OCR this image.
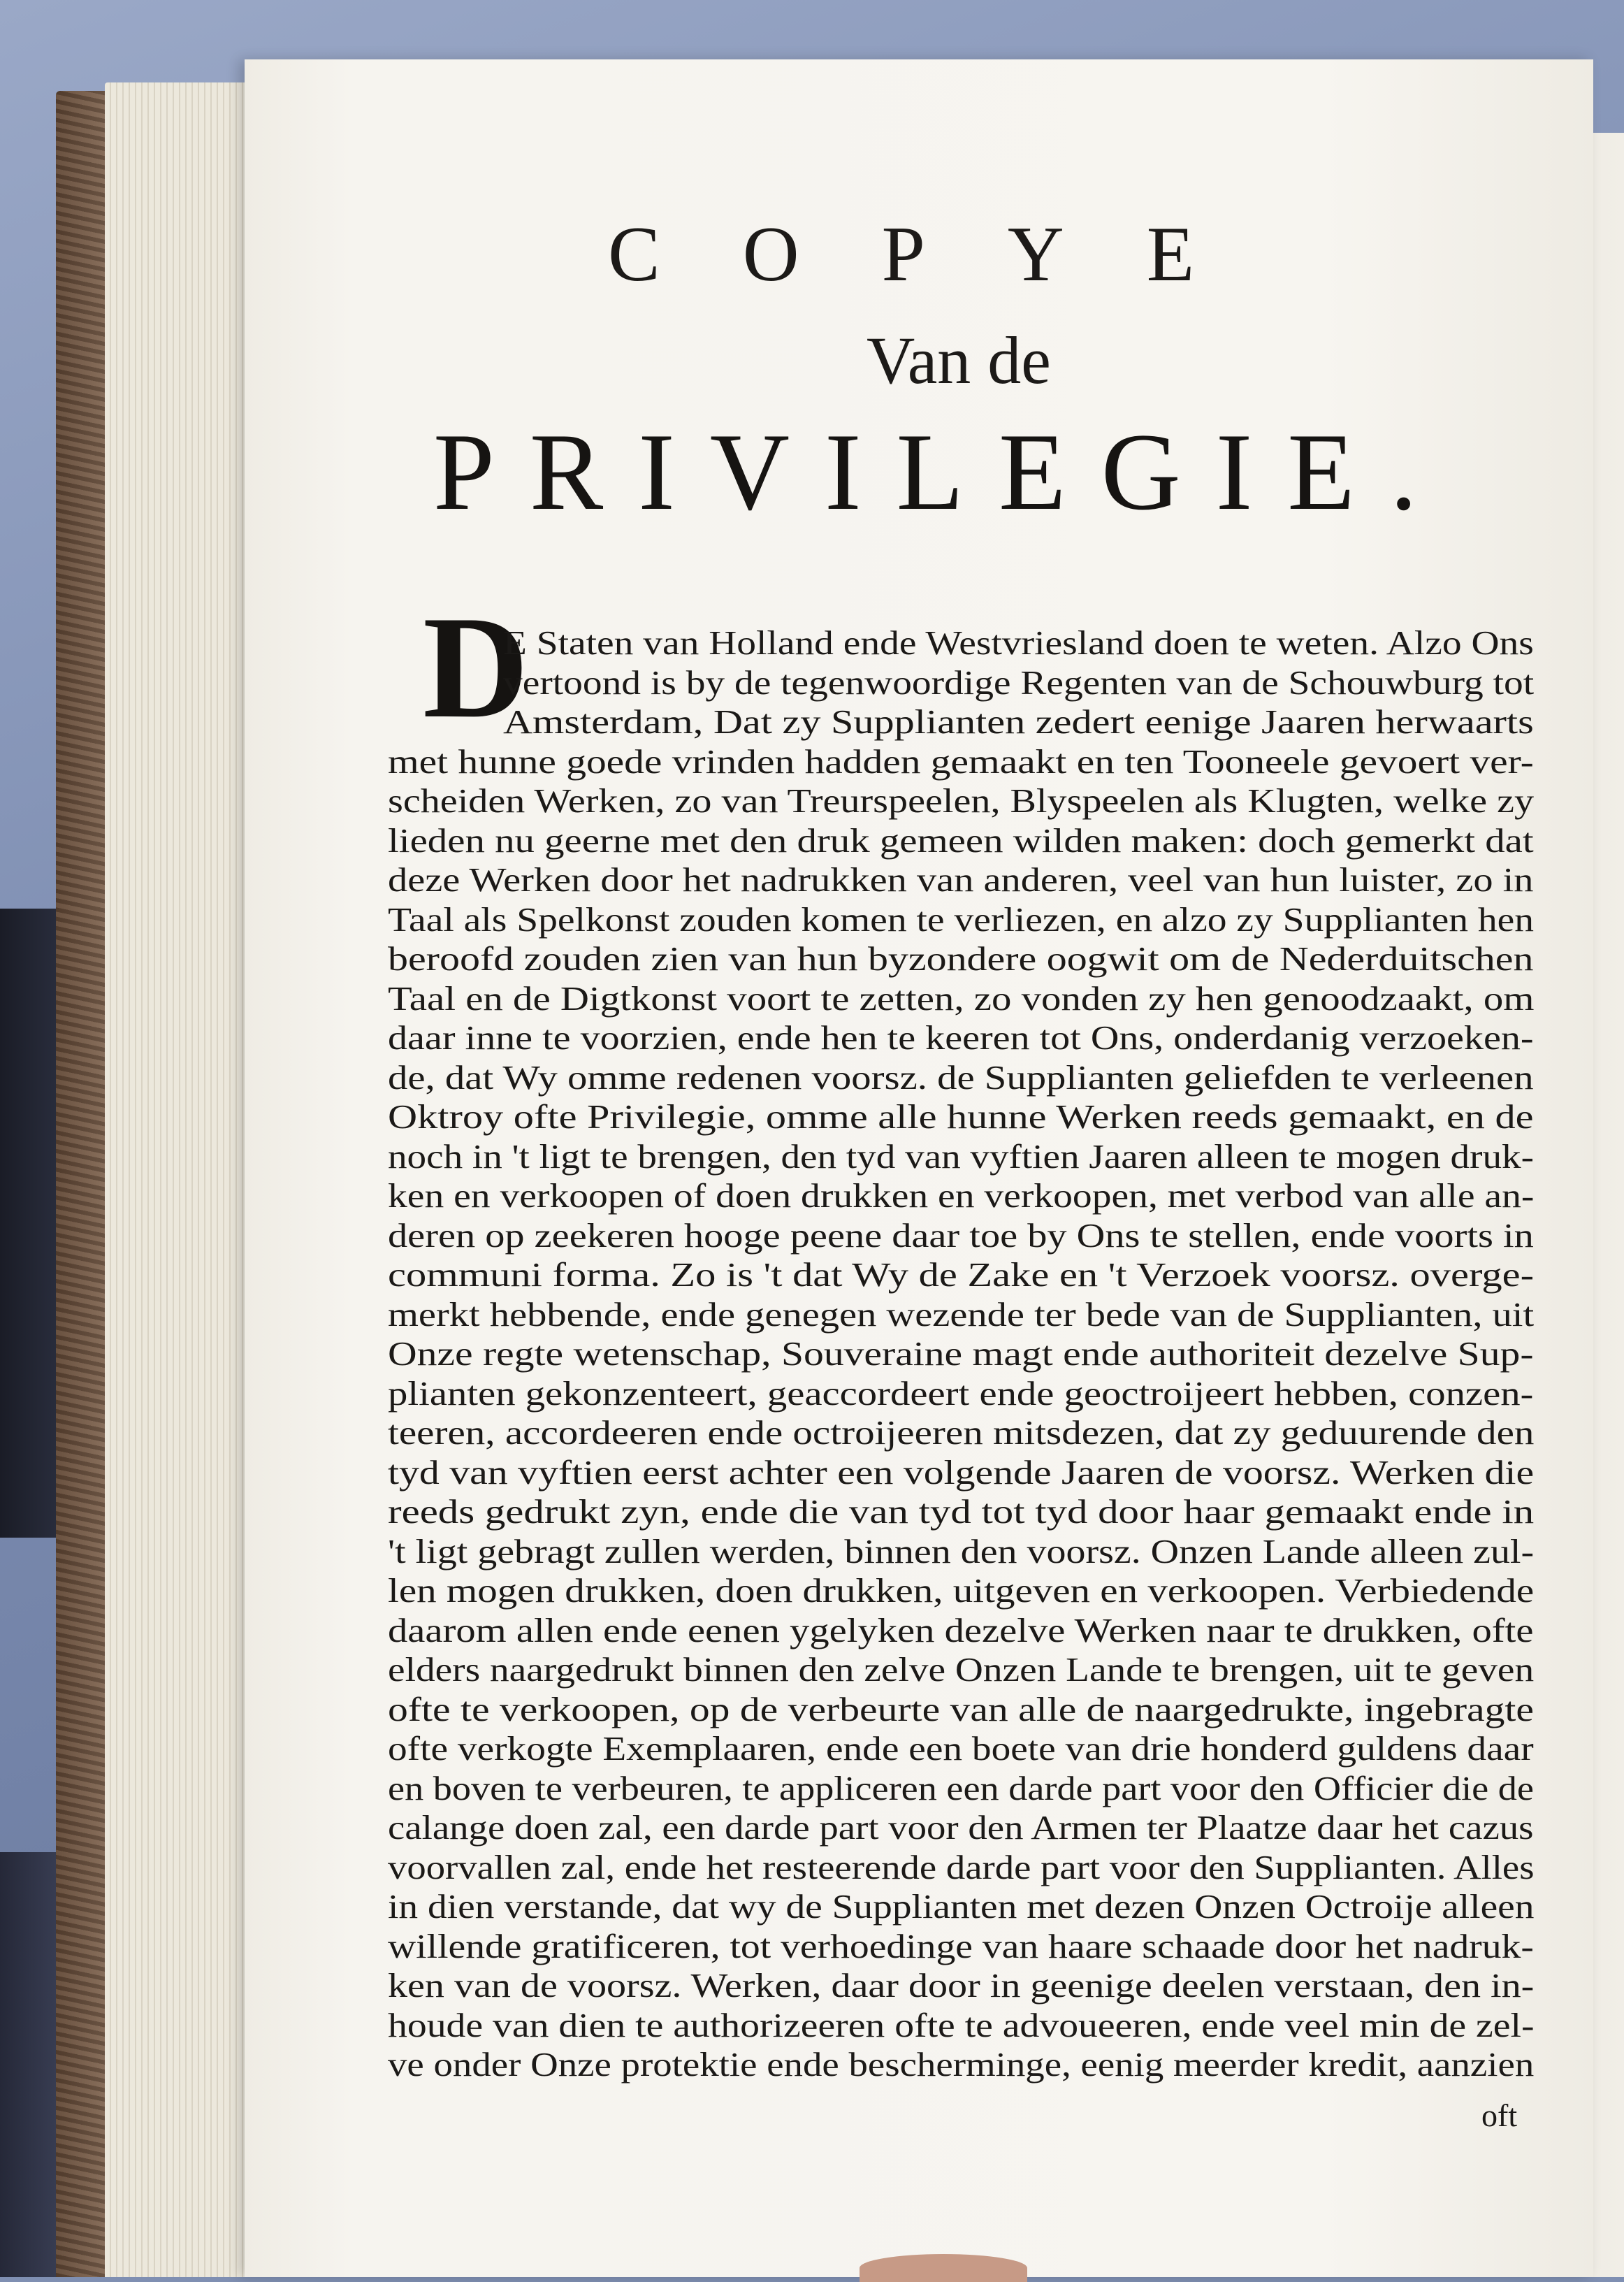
COPYE
Van de
PRIVILEGIE.
D
E Staten van Holland ende Westvriesland doen te weten. Alzo Ons
vertoond is by de tegenwoordige Regenten van de Schouwburg tot
Amsterdam, Dat zy Supplianten zedert eenige Jaaren herwaarts
met hunne goede vrinden hadden gemaakt en ten Tooneele gevoert ver-
scheiden Werken, zo van Treurspeelen, Blyspeelen als Klugten, welke zy
lieden nu geerne met den druk gemeen wilden maken: doch gemerkt dat
deze Werken door het nadrukken van anderen, veel van hun luister, zo in
Taal als Spelkonst zouden komen te verliezen, en alzo zy Supplianten hen
beroofd zouden zien van hun byzondere oogwit om de Nederduitschen
Taal en de Digtkonst voort te zetten, zo vonden zy hen genoodzaakt, om
daar inne te voorzien, ende hen te keeren tot Ons, onderdanig verzoeken-
de, dat Wy omme redenen voorsz. de Supplianten geliefden te verleenen
Oktroy ofte Privilegie, omme alle hunne Werken reeds gemaakt, en de
noch in 't ligt te brengen, den tyd van vyftien Jaaren alleen te mogen druk-
ken en verkoopen of doen drukken en verkoopen, met verbod van alle an-
deren op zeekeren hooge peene daar toe by Ons te stellen, ende voorts in
communi forma. Zo is 't dat Wy de Zake en 't Verzoek voorsz. overge-
merkt hebbende, ende genegen wezende ter bede van de Supplianten, uit
Onze regte wetenschap, Souveraine magt ende authoriteit dezelve Sup-
plianten gekonzenteert, geaccordeert ende geoctroijeert hebben, conzen-
teeren, accordeeren ende octroijeeren mitsdezen, dat zy geduurende den
tyd van vyftien eerst achter een volgende Jaaren de voorsz. Werken die
reeds gedrukt zyn, ende die van tyd tot tyd door haar gemaakt ende in
't ligt gebragt zullen werden, binnen den voorsz. Onzen Lande alleen zul-
len mogen drukken, doen drukken, uitgeven en verkoopen. Verbiedende
daarom allen ende eenen ygelyken dezelve Werken naar te drukken, ofte
elders naargedrukt binnen den zelve Onzen Lande te brengen, uit te geven
ofte te verkoopen, op de verbeurte van alle de naargedrukte, ingebragte
ofte verkogte Exemplaaren, ende een boete van drie honderd guldens daar
en boven te verbeuren, te appliceren een darde part voor den Officier die de
calange doen zal, een darde part voor den Armen ter Plaatze daar het cazus
voorvallen zal, ende het resteerende darde part voor den Supplianten. Alles
in dien verstande, dat wy de Supplianten met dezen Onzen Octroije alleen
willende gratificeren, tot verhoedinge van haare schaade door het nadruk-
ken van de voorsz. Werken, daar door in geenige deelen verstaan, den in-
houde van dien te authorizeeren ofte te advoueeren, ende veel min de zel-
ve onder Onze protektie ende bescherminge, eenig meerder kredit, aanzien
oft
